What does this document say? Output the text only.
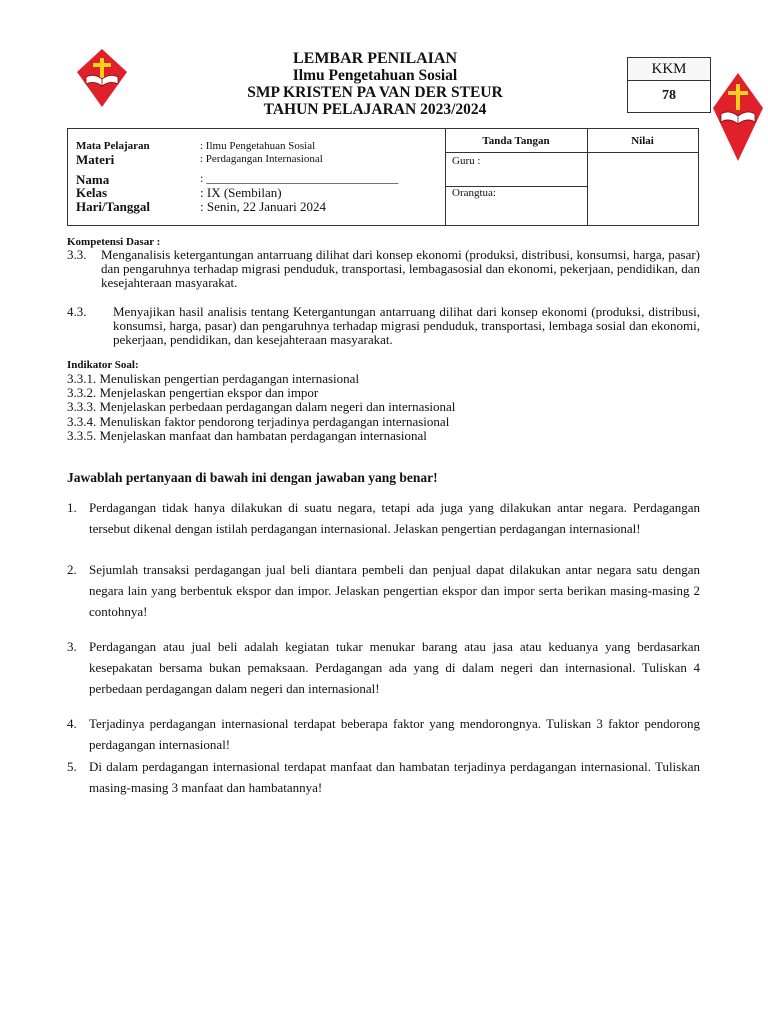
LEMBAR PENILAIAN
Ilmu Pengetahuan Sosial
SMP KRISTEN PA VAN DER STEUR
TAHUN PELAJARAN 2023/2024
KKM
78
Mata Pelajaran	: Ilmu Pengetahuan Sosial
Materi	: Perdagangan Internasional
Nama	: ________________________________
Kelas	: IX (Sembilan)
Hari/Tanggal	: Senin, 22 Januari 2024
Tanda Tangan	Nilai
Guru :
Orangtua:
Kompetensi Dasar :
3.3. Menganalisis ketergantungan antarruang dilihat dari konsep ekonomi (produksi, distribusi, konsumsi, harga, pasar) dan pengaruhnya terhadap migrasi penduduk, transportasi, lembagasosial dan ekonomi, pekerjaan, pendidikan, dan kesejahteraan masyarakat.
4.3. Menyajikan hasil analisis tentang Ketergantungan antarruang dilihat dari konsep ekonomi (produksi, distribusi, konsumsi, harga, pasar) dan pengaruhnya terhadap migrasi penduduk, transportasi, lembaga sosial dan ekonomi, pekerjaan, pendidikan, dan kesejahteraan masyarakat.
Indikator Soal:
3.3.1. Menuliskan pengertian perdagangan internasional
3.3.2. Menjelaskan pengertian ekspor dan impor
3.3.3. Menjelaskan perbedaan perdagangan dalam negeri dan internasional
3.3.4. Menuliskan faktor pendorong terjadinya perdagangan internasional
3.3.5. Menjelaskan manfaat dan hambatan perdagangan internasional
Jawablah pertanyaan di bawah ini dengan jawaban yang benar!
1. Perdagangan tidak hanya dilakukan di suatu negara, tetapi ada juga yang dilakukan antar negara. Perdagangan tersebut dikenal dengan istilah perdagangan internasional. Jelaskan pengertian perdagangan internasional!
2. Sejumlah transaksi perdagangan jual beli diantara pembeli dan penjual dapat dilakukan antar negara satu dengan negara lain yang berbentuk ekspor dan impor. Jelaskan pengertian ekspor dan impor serta berikan masing-masing 2 contohnya!
3. Perdagangan atau jual beli adalah kegiatan tukar menukar barang atau jasa atau keduanya yang berdasarkan kesepakatan bersama bukan pemaksaan. Perdagangan ada yang di dalam negeri dan internasional. Tuliskan 4 perbedaan perdagangan dalam negeri dan internasional!
4. Terjadinya perdagangan internasional terdapat beberapa faktor yang mendorongnya. Tuliskan 3 faktor pendorong perdagangan internasional!
5. Di dalam perdagangan internasional terdapat manfaat dan hambatan terjadinya perdagangan internasional. Tuliskan masing-masing 3 manfaat dan hambatannya!
